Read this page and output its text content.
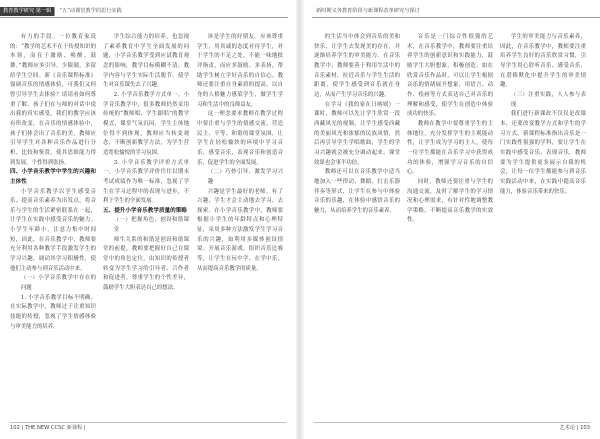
教育教学研究 第一辑	“五”动课堂教学的思行实践	新时期义务教育阶段与新课程改革研究与探讨

有力的手段。一位教育家说的：“教学的艺术不在于传授知识的本领，而在于激励、唤醒、鼓舞。”教师应多引导，少限制，多留给学生空间。新《音乐课程标准》强调音乐的情感体验，可我们又何曾引导学生去体验？请请看如何尊重了解，孩子们在与师的对话中说出我的真实感受，我们的教学应该有所改变，在音乐的情感体验中，孩子们体会出了音乐的美，教师应引导学生对各种音乐作品进行分析、比较和鉴赏，使其思维能力得到发展，个性得到张扬。

四、小学音乐教学中学生的兴趣和主体性

小学音乐教学以学生感受音乐、提高音乐素养为出发点，将音乐与学生的生活紧密联系在一起，让学生在实践中感受音乐的魅力。小学生年龄小、注意力集中时间短，因此，在音乐教学中，教师要充分利用各种教学手段激发学生的学习兴趣，调动其学习积极性，使他们主动参与到音乐活动中来。

（一）小学音乐教学中存在的问题

1. 小学音乐教学目标不明确。在实际教学中，教师过于注重知识技能的传授，忽视了学生情感体验与审美能力的培养。

学生综合能力的培养，也忽视了素养教育中学生全面发展的问题，小学音乐教学受到应试教育观念的影响，教学目标模糊不清，教学内容与学生实际生活脱节，使学生对音乐课失去了兴趣。

2. 小学音乐教学方式单一。小学音乐教学中，很多教师仍然采用传统的“教师唱、学生跟唱”的教学模式，课堂气氛沉闷，学生主体地位得不到体现，教师应当转变观念，不断创新教学方法，为学生营造宽松愉悦的学习氛围。

3. 小学音乐教学评价方式单一。小学音乐教学评价往往以期末考试成绩作为唯一标准，忽视了学生在学习过程中的表现与进步，不利于学生的全面发展。

五、提升小学音乐教学质量的策略
（一）把握角色，创设和谐课堂

师生关系的和谐是创设和谐课堂的前提，教师要把握好自己在课堂中的角色定位，由知识的传授者转变为学生学习的引导者、合作者和促进者，尊重学生的个性差异，鼓励学生大胆表达自己的想法。

该是学生的好朋友。应该尊重学生，用真诚的态度对待学生，对于学生的不足之处，不能一味地批评指责，而应多鼓励、多表扬，帮助学生树立学好音乐的自信心。教师还要注重自身素质的提高，以自身的人格魅力感染学生，做学生学习和生活中的良师益友。

这一理念要求教师在教学过程中要注重与学生的情感交流，营造民主、平等、和谐的课堂氛围，让学生在轻松愉快的环境中学习音乐、感受音乐、表现音乐和创造音乐，促进学生的全面发展。

（二）巧妙引导，激发学习兴趣

兴趣是学生最好的老师。有了兴趣，学生才会主动地去学习、去探索。在小学音乐教学中，教师要根据小学生的年龄特点和心理特征，采用多种方法激发学生学习音乐的兴趣，如利用多媒体创设情境、开展音乐游戏、组织音乐比赛等，让学生在玩中学、在学中乐，从而提高音乐教学的质量。

的生活当中体会到音乐的美和快乐，让学生去发现美的存在，并逐渐培养学生的审美能力。在音乐教学中，教师要善于利用生活中的音乐素材，拉近音乐与学生生活的距离，使学生感受到音乐就在身边，从而产生学习音乐的兴趣。

在学习《我的家在日喀则》一课时，教师可以先让学生欣赏一段西藏风光的视频，让学生感受西藏的美丽风光和浓郁的民族风情，然后再引导学生学唱歌曲，学生的学习兴趣就会被充分调动起来，课堂效果也会事半功倍。

教师还可以在音乐教学中适当地加入一些律动、舞蹈、打击乐器伴奏等形式，让学生在参与中体验音乐的乐趣，在体验中感悟音乐的魅力，从而培养学生的音乐素养。

音乐是一门综合性很强的艺术，在音乐教学中，教师要注重培养学生的创新意识和实践能力，鼓励学生大胆想象、积极创造。如在欣赏音乐作品时，可以让学生根据音乐的情绪展开想象，用语言、动作、绘画等方式表达自己对音乐的理解和感受，使学生在创造中体验成功的快乐。

教师在教学中要尊重学生的主体地位，充分发挥学生的主观能动性，让学生成为学习的主人，使每一位学生都能在音乐学习中获得成功的体验，增强学习音乐的自信心。

同时，教师还要注重与学生的沟通交流，及时了解学生的学习情况和心理需求，有针对性地调整教学策略，不断提高音乐教学的实效性。

学生的审美能力与音乐素养，因此，在音乐教学中，教师要注重培养学生良好的音乐欣赏习惯，引导学生用心聆听音乐、感受音乐，在潜移默化中提升学生的审美情趣。

（三）注重实践，人人参与表现

我们进行新课改不仅仅是改课本，还要改变教学方式和学生的学习方式，新课程标准指出音乐是一门实践性很强的学科，要让学生在实践中感受音乐、表现音乐。教师要为学生提供更多展示自我的机会，让每一位学生都能参与到音乐实践活动中来，在实践中提高音乐能力，体验音乐带来的快乐。

102 | THE NEW CCSC 新课程 |	艺术论 | 103
